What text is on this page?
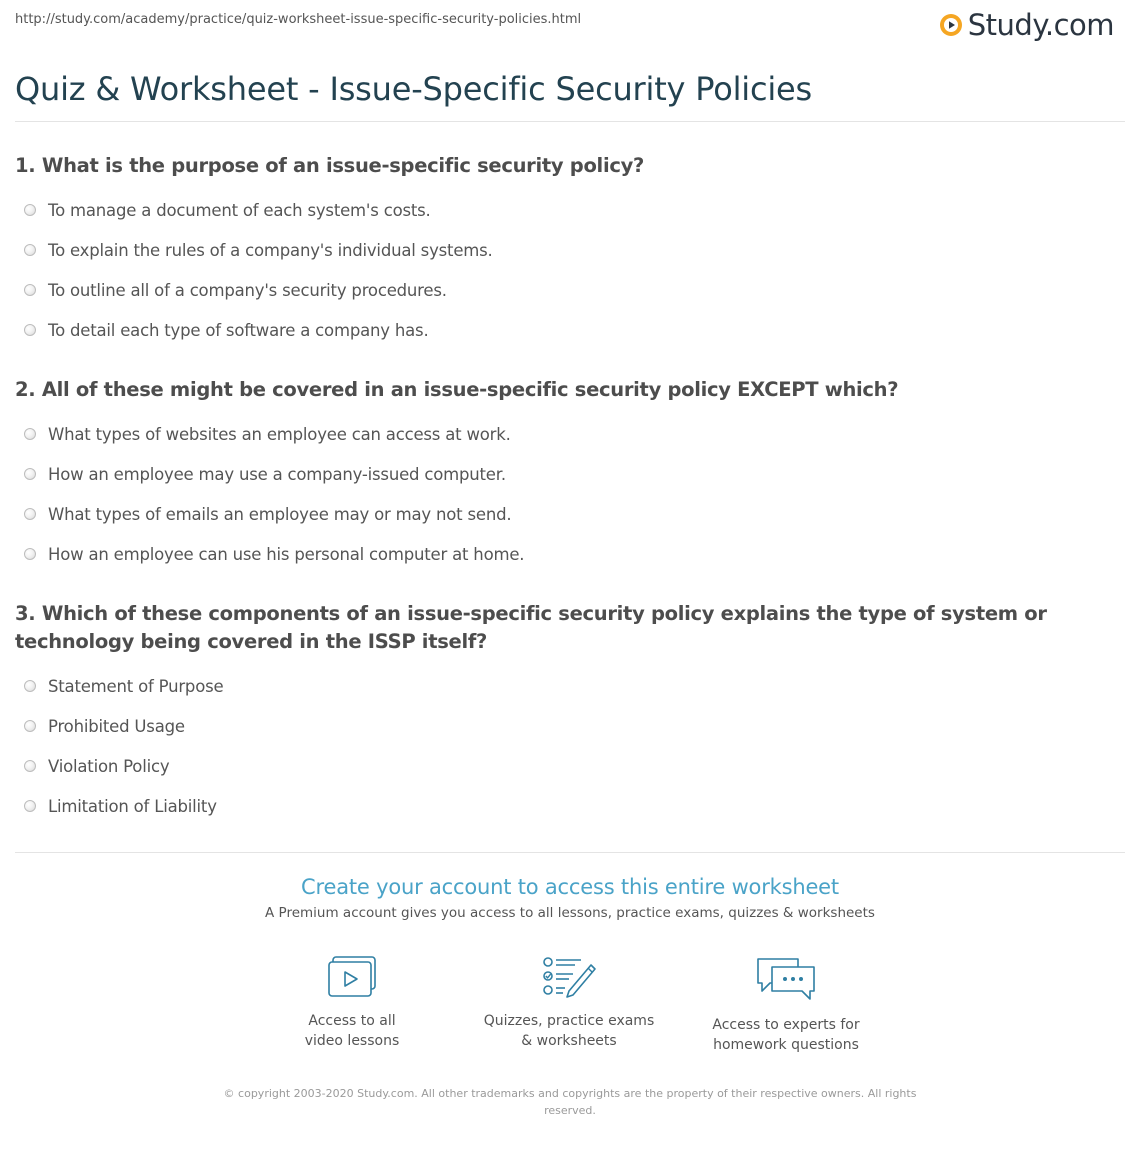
http://study.com/academy/practice/quiz-worksheet-issue-specific-security-policies.html	Study.com
Quiz & Worksheet - Issue-Specific Security Policies

1. What is the purpose of an issue-specific security policy?

To manage a document of each system's costs.
To explain the rules of a company's individual systems.
To outline all of a company's security procedures.
To detail each type of software a company has.

2. All of these might be covered in an issue-specific security policy EXCEPT which?

What types of websites an employee can access at work.
How an employee may use a company-issued computer.
What types of emails an employee may or may not send.
How an employee can use his personal computer at home.

3. Which of these components of an issue-specific security policy explains the type of system or technology being covered in the ISSP itself?

Statement of Purpose
Prohibited Usage
Violation Policy
Limitation of Liability
Create your account to access this entire worksheet
A Premium account gives you access to all lessons, practice exams, quizzes & worksheets
Access to all
video lessons
Quizzes, practice exams
& worksheets
Access to experts for
homework questions
© copyright 2003-2020 Study.com. All other trademarks and copyrights are the property of their respective owners. All rights
reserved.
